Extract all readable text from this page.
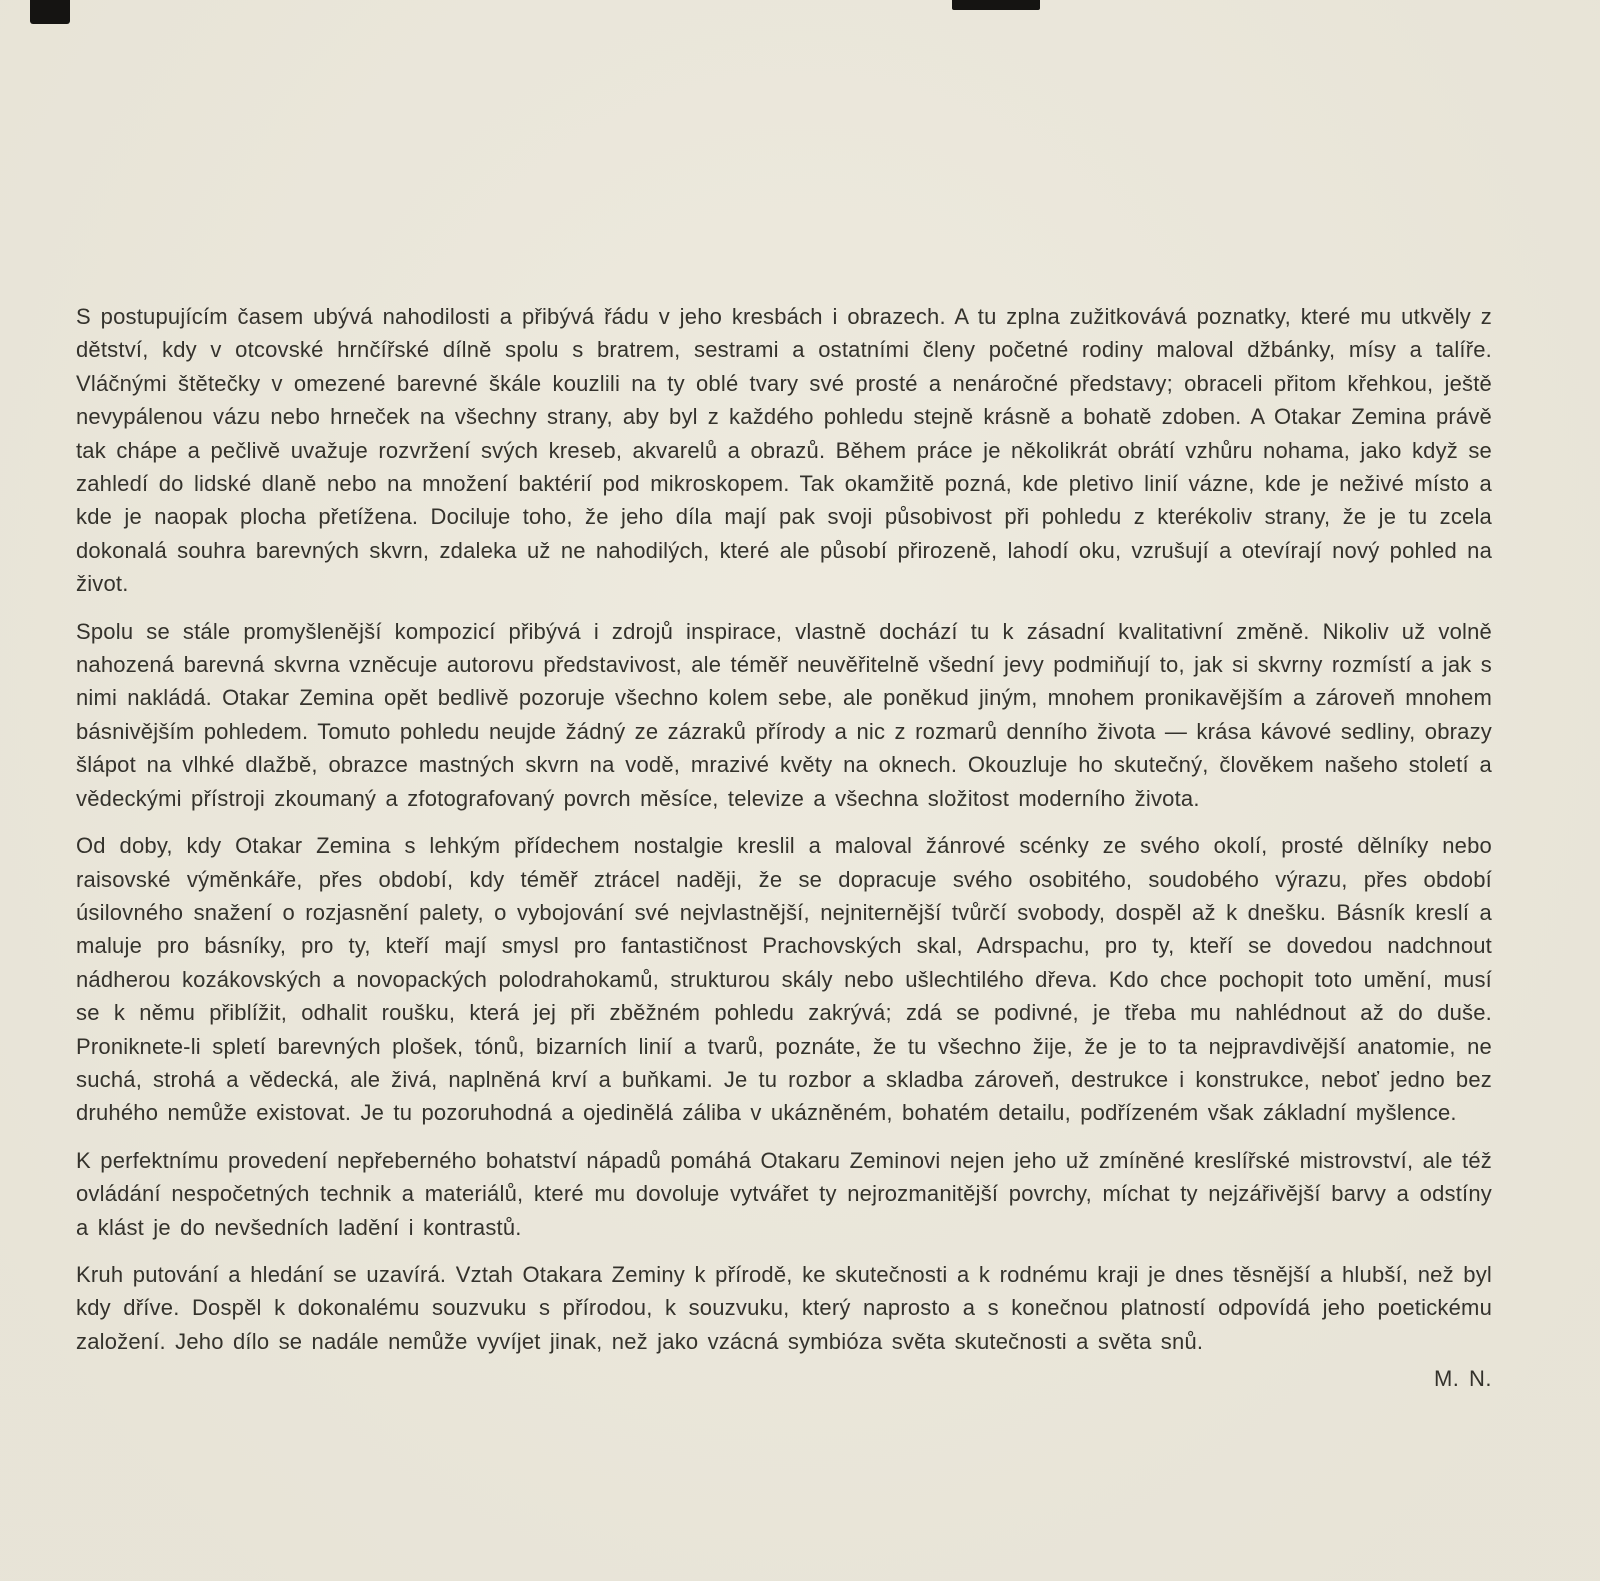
S postupujícím časem ubývá nahodilosti a přibývá řádu v jeho kresbách i obrazech. A tu zplna zužitkovává poznatky, které mu utkvěly z dětství, kdy v otcovské hrnčířské dílně spolu s bratrem, sestrami a ostatními členy početné rodiny maloval džbánky, mísy a talíře. Vláčnými štětečky v omezené barevné škále kouzlili na ty oblé tvary své prosté a nenáročné představy; obraceli přitom křehkou, ještě nevypálenou vázu nebo hrneček na všechny strany, aby byl z každého pohledu stejně krásně a bohatě zdoben. A Otakar Zemina právě tak chápe a pečlivě uvažuje rozvržení svých kreseb, akvarelů a obrazů. Během práce je několikrát obrátí vzhůru nohama, jako když se zahledí do lidské dlaně nebo na množení baktérií pod mikroskopem. Tak okamžitě pozná, kde pletivo linií vázne, kde je neživé místo a kde je naopak plocha přetížena. Dociluje toho, že jeho díla mají pak svoji působivost při pohledu z kterékoliv strany, že je tu zcela dokonalá souhra barevných skvrn, zdaleka už ne nahodilých, které ale působí přirozeně, lahodí oku, vzrušují a otevírají nový pohled na život.

Spolu se stále promyšlenější kompozicí přibývá i zdrojů inspirace, vlastně dochází tu k zásadní kvalitativní změně. Nikoliv už volně nahozená barevná skvrna vzněcuje autorovu představivost, ale téměř neuvěřitelně všední jevy podmiňují to, jak si skvrny rozmístí a jak s nimi nakládá. Otakar Zemina opět bedlivě pozoruje všechno kolem sebe, ale poněkud jiným, mnohem pronikavějším a zároveň mnohem básnivějším pohledem. Tomuto pohledu neujde žádný ze zázraků přírody a nic z rozmarů denního života — krása kávové sedliny, obrazy šlápot na vlhké dlažbě, obrazce mastných skvrn na vodě, mrazivé květy na oknech. Okouzluje ho skutečný, člověkem našeho století a vědeckými přístroji zkoumaný a zfotografovaný povrch měsíce, televize a všechna složitost moderního života.

Od doby, kdy Otakar Zemina s lehkým přídechem nostalgie kreslil a maloval žánrové scénky ze svého okolí, prosté dělníky nebo raisovské výměnkáře, přes období, kdy téměř ztrácel naději, že se dopracuje svého osobitého, soudobého výrazu, přes období úsilovného snažení o rozjasnění palety, o vybojování své nejvlastnější, nejniternější tvůrčí svobody, dospěl až k dnešku. Básník kreslí a maluje pro básníky, pro ty, kteří mají smysl pro fantastičnost Prachovských skal, Adrspachu, pro ty, kteří se dovedou nadchnout nádherou kozákovských a novopackých polodrahokamů, strukturou skály nebo ušlechtilého dřeva. Kdo chce pochopit toto umění, musí se k němu přiblížit, odhalit roušku, která jej při zběžném pohledu zakrývá; zdá se podivné, je třeba mu nahlédnout až do duše. Proniknete-li spletí barevných plošek, tónů, bizarních linií a tvarů, poznáte, že tu všechno žije, že je to ta nejpravdivější anatomie, ne suchá, strohá a vědecká, ale živá, naplněná krví a buňkami. Je tu rozbor a skladba zároveň, destrukce i konstrukce, neboť jedno bez druhého nemůže existovat. Je tu pozoruhodná a ojedinělá záliba v ukázněném, bohatém detailu, podřízeném však základní myšlence.

K perfektnímu provedení nepřeberného bohatství nápadů pomáhá Otakaru Zeminovi nejen jeho už zmíněné kreslířské mistrovství, ale též ovládání nespočetných technik a materiálů, které mu dovoluje vytvářet ty nejrozmanitější povrchy, míchat ty nejzářivější barvy a odstíny a klást je do nevšedních ladění i kontrastů.

Kruh putování a hledání se uzavírá. Vztah Otakara Zeminy k přírodě, ke skutečnosti a k rodnému kraji je dnes těsnější a hlubší, než byl kdy dříve. Dospěl k dokonalému souzvuku s přírodou, k souzvuku, který naprosto a s konečnou platností odpovídá jeho poetickému založení. Jeho dílo se nadále nemůže vyvíjet jinak, než jako vzácná symbióza světa skutečnosti a světa snů.

M. N.
